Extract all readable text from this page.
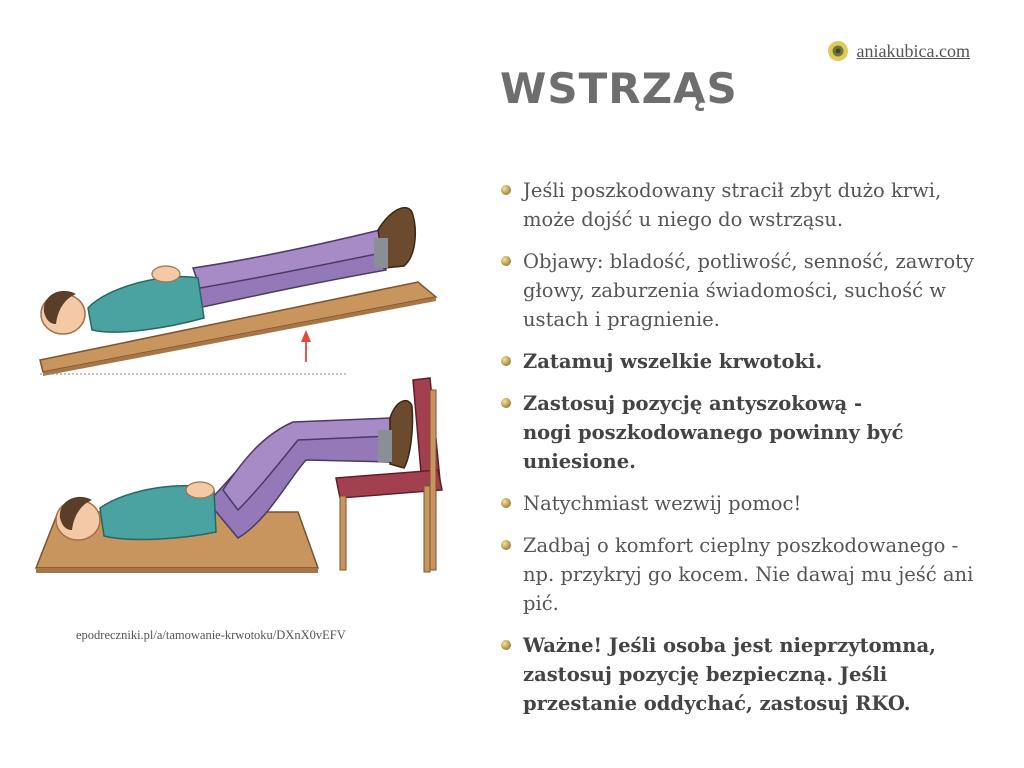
aniakubica.com
WSTRZĄS
Jeśli poszkodowany stracił zbyt dużo krwi,
może dojść u niego do wstrząsu.
Objawy: bladość, potliwość, senność, zawroty głowy, zaburzenia świadomości, suchość w ustach i pragnienie.
Zatamuj wszelkie krwotoki.
Zastosuj pozycję antyszokową -
nogi poszkodowanego powinny być uniesione.
Natychmiast wezwij pomoc!
Zadbaj o komfort cieplny poszkodowanego - np. przykryj go kocem. Nie dawaj mu jeść ani pić.
Ważne! Jeśli osoba jest nieprzytomna,
zastosuj pozycję bezpieczną. Jeśli przestanie oddychać, zastosuj RKO.
epodreczniki.pl/a/tamowanie-krwotoku/DXnX0vEFV
